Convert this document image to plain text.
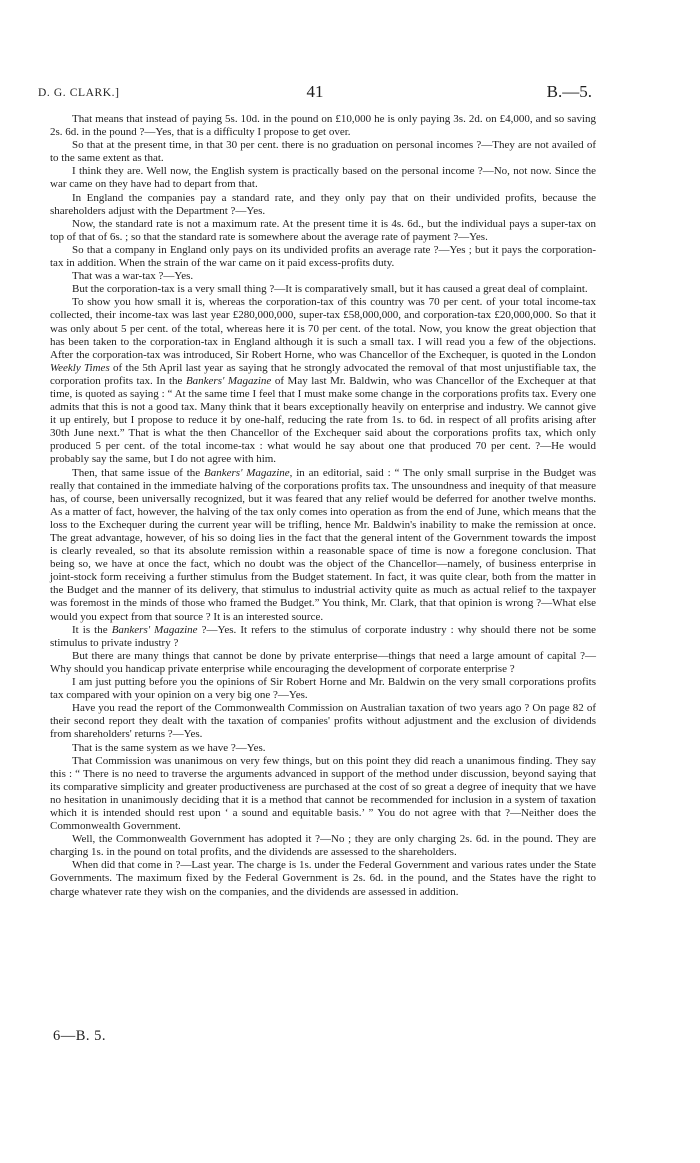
D. G. CLARK.]	41	B.—5.

That means that instead of paying 5s. 10d. in the pound on £10,000 he is only paying 3s. 2d. on £4,000, and so saving 2s. 6d. in the pound ?—Yes, that is a difficulty I propose to get over.

So that at the present time, in that 30 per cent. there is no graduation on personal incomes ?—They are not availed of to the same extent as that.

I think they are. Well now, the English system is practically based on the personal income ?—No, not now. Since the war came on they have had to depart from that.

In England the companies pay a standard rate, and they only pay that on their undivided profits, because the shareholders adjust with the Department ?—Yes.

Now, the standard rate is not a maximum rate. At the present time it is 4s. 6d., but the individual pays a super-tax on top of that of 6s. ; so that the standard rate is somewhere about the average rate of payment ?—Yes.

So that a company in England only pays on its undivided profits an average rate ?—Yes ; but it pays the corporation-tax in addition. When the strain of the war came on it paid excess-profits duty.

That was a war-tax ?—Yes.

But the corporation-tax is a very small thing ?—It is comparatively small, but it has caused a great deal of complaint.

To show you how small it is, whereas the corporation-tax of this country was 70 per cent. of your total income-tax collected, their income-tax was last year £280,000,000, super-tax £58,000,000, and corporation-tax £20,000,000. So that it was only about 5 per cent. of the total, whereas here it is 70 per cent. of the total. Now, you know the great objection that has been taken to the corporation-tax in England although it is such a small tax. I will read you a few of the objections. After the corporation-tax was introduced, Sir Robert Horne, who was Chancellor of the Exchequer, is quoted in the London Weekly Times of the 5th April last year as saying that he strongly advocated the removal of that most unjustifiable tax, the corporation profits tax. In the Bankers' Magazine of May last Mr. Baldwin, who was Chancellor of the Exchequer at that time, is quoted as saying : “ At the same time I feel that I must make some change in the corporations profits tax. Every one admits that this is not a good tax. Many think that it bears exceptionally heavily on enterprise and industry. We cannot give it up entirely, but I propose to reduce it by one-half, reducing the rate from 1s. to 6d. in respect of all profits arising after 30th June next.” That is what the then Chancellor of the Exchequer said about the corporations profits tax, which only produced 5 per cent. of the total income-tax : what would he say about one that produced 70 per cent. ?—He would probably say the same, but I do not agree with him.

Then, that same issue of the Bankers' Magazine, in an editorial, said : “ The only small surprise in the Budget was really that contained in the immediate halving of the corporations profits tax. The unsoundness and inequity of that measure has, of course, been universally recognized, but it was feared that any relief would be deferred for another twelve months. As a matter of fact, however, the halving of the tax only comes into operation as from the end of June, which means that the loss to the Exchequer during the current year will be trifling, hence Mr. Baldwin's inability to make the remission at once. The great advantage, however, of his so doing lies in the fact that the general intent of the Government towards the impost is clearly revealed, so that its absolute remission within a reasonable space of time is now a foregone conclusion. That being so, we have at once the fact, which no doubt was the object of the Chancellor—namely, of business enterprise in joint-stock form receiving a further stimulus from the Budget statement. In fact, it was quite clear, both from the matter in the Budget and the manner of its delivery, that stimulus to industrial activity quite as much as actual relief to the taxpayer was foremost in the minds of those who framed the Budget.” You think, Mr. Clark, that that opinion is wrong ?—What else would you expect from that source ? It is an interested source.

It is the Bankers' Magazine ?—Yes. It refers to the stimulus of corporate industry : why should there not be some stimulus to private industry ?

But there are many things that cannot be done by private enterprise—things that need a large amount of capital ?—Why should you handicap private enterprise while encouraging the development of corporate enterprise ?

I am just putting before you the opinions of Sir Robert Horne and Mr. Baldwin on the very small corporations profits tax compared with your opinion on a very big one ?—Yes.

Have you read the report of the Commonwealth Commission on Australian taxation of two years ago ? On page 82 of their second report they dealt with the taxation of companies' profits without adjustment and the exclusion of dividends from shareholders' returns ?—Yes.

That is the same system as we have ?—Yes.

That Commission was unanimous on very few things, but on this point they did reach a unanimous finding. They say this : “ There is no need to traverse the arguments advanced in support of the method under discussion, beyond saying that its comparative simplicity and greater productiveness are purchased at the cost of so great a degree of inequity that we have no hesitation in unanimously deciding that it is a method that cannot be recommended for inclusion in a system of taxation which it is intended should rest upon ‘ a sound and equitable basis.’ ” You do not agree with that ?—Neither does the Commonwealth Government.

Well, the Commonwealth Government has adopted it ?—No ; they are only charging 2s. 6d. in the pound. They are charging 1s. in the pound on total profits, and the dividends are assessed to the shareholders.

When did that come in ?—Last year. The charge is 1s. under the Federal Government and various rates under the State Governments. The maximum fixed by the Federal Government is 2s. 6d. in the pound, and the States have the right to charge whatever rate they wish on the companies, and the dividends are assessed in addition.

6—B. 5.
